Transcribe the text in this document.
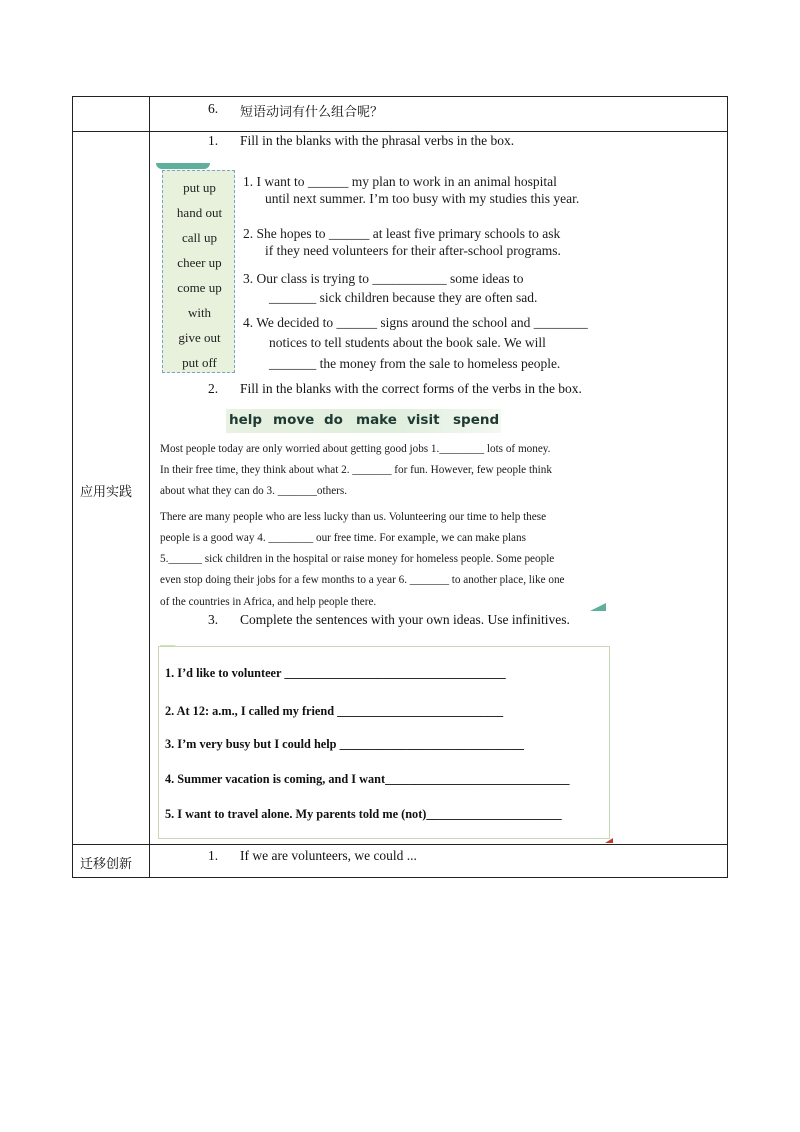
6. 短语动词有什么组合呢？
应用实践
1. Fill in the blanks with the phrasal verbs in the box.
put up
hand out
call up
cheer up
come up
with
give out
put off
1. I want to ______ my plan to work in an animal hospital
until next summer. I’m too busy with my studies this year.
2. She hopes to ______ at least five primary schools to ask
if they need volunteers for their after-school programs.
3. Our class is trying to ___________ some ideas to
_______ sick children because they are often sad.
4. We decided to ______ signs around the school and ________
notices to tell students about the book sale. We will
_______ the money from the sale to homeless people.
2. Fill in the blanks with the correct forms of the verbs in the box.
help move do make visit spend
Most people today are only worried about getting good jobs 1.________ lots of money.
In their free time, they think about what 2. _______ for fun. However, few people think
about what they can do 3. _______others.
There are many people who are less lucky than us. Volunteering our time to help these
people is a good way 4. ________ our free time. For example, we can make plans
5.______ sick children in the hospital or raise money for homeless people. Some people
even stop doing their jobs for a few months to a year 6. _______ to another place, like one
of the countries in Africa, and help people there.
3. Complete the sentences with your own ideas. Use infinitives.
1. I’d like to volunteer ____________________________________
2. At 12: a.m., I called my friend ___________________________
3. I’m very busy but I could help ______________________________
4. Summer vacation is coming, and I want______________________________
5. I want to travel alone. My parents told me (not)______________________
迁移创新
1. If we are volunteers, we could ...
